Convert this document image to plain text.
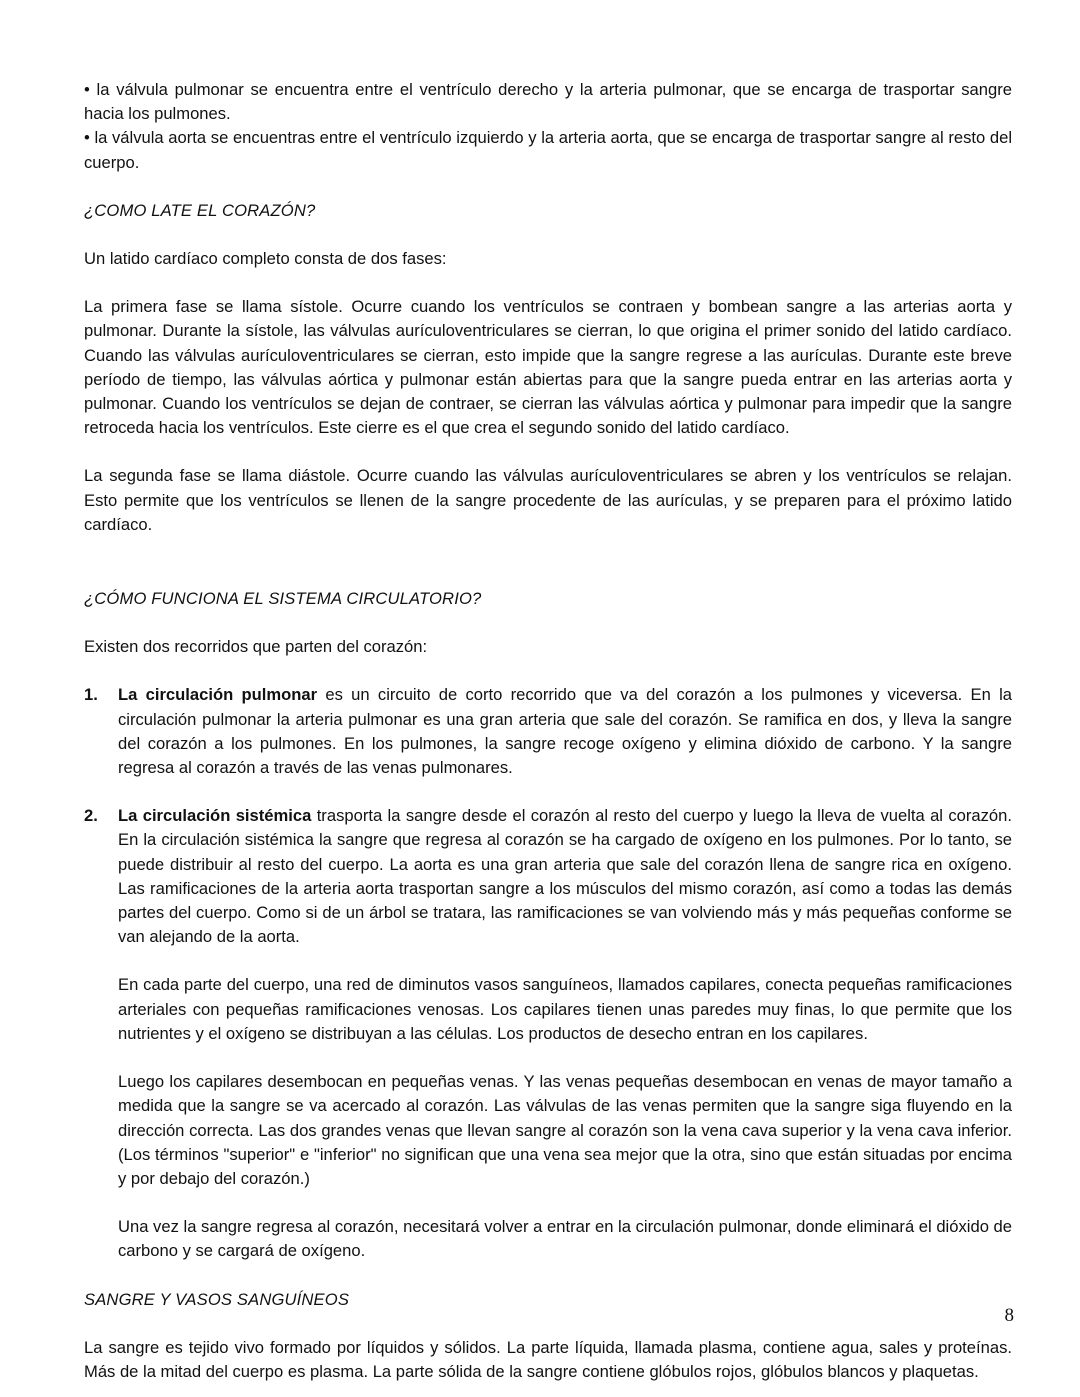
• la válvula pulmonar se encuentra entre el ventrículo derecho y la arteria pulmonar, que se encarga de trasportar sangre hacia los pulmones.

• la válvula aorta se encuentras entre el ventrículo izquierdo y la arteria aorta, que se encarga de trasportar sangre al resto del cuerpo.

¿COMO LATE EL CORAZÓN?

Un latido cardíaco completo consta de dos fases:

La primera fase se llama sístole. Ocurre cuando los ventrículos se contraen y bombean sangre a las arterias aorta y pulmonar. Durante la sístole, las válvulas aurículoventriculares se cierran, lo que origina el primer sonido del latido cardíaco. Cuando las válvulas aurículoventriculares se cierran, esto impide que la sangre regrese a las aurículas. Durante este breve período de tiempo, las válvulas aórtica y pulmonar están abiertas para que la sangre pueda entrar en las arterias aorta y pulmonar. Cuando los ventrículos se dejan de contraer, se cierran las válvulas aórtica y pulmonar para impedir que la sangre retroceda hacia los ventrículos. Este cierre es el que crea el segundo sonido del latido cardíaco.

La segunda fase se llama diástole. Ocurre cuando las válvulas aurículoventriculares se abren y los ventrículos se relajan. Esto permite que los ventrículos se llenen de la sangre procedente de las aurículas, y se preparen para el próximo latido cardíaco.

¿CÓMO FUNCIONA EL SISTEMA CIRCULATORIO?

Existen dos recorridos que parten del corazón:

1. La circulación pulmonar es un circuito de corto recorrido que va del corazón a los pulmones y viceversa. En la circulación pulmonar la arteria pulmonar es una gran arteria que sale del corazón. Se ramifica en dos, y lleva la sangre del corazón a los pulmones. En los pulmones, la sangre recoge oxígeno y elimina dióxido de carbono. Y la sangre regresa al corazón a través de las venas pulmonares.

2. La circulación sistémica trasporta la sangre desde el corazón al resto del cuerpo y luego la lleva de vuelta al corazón. En la circulación sistémica la sangre que regresa al corazón se ha cargado de oxígeno en los pulmones. Por lo tanto, se puede distribuir al resto del cuerpo. La aorta es una gran arteria que sale del corazón llena de sangre rica en oxígeno. Las ramificaciones de la arteria aorta trasportan sangre a los músculos del mismo corazón, así como a todas las demás partes del cuerpo. Como si de un árbol se tratara, las ramificaciones se van volviendo más y más pequeñas conforme se van alejando de la aorta.

En cada parte del cuerpo, una red de diminutos vasos sanguíneos, llamados capilares, conecta pequeñas ramificaciones arteriales con pequeñas ramificaciones venosas. Los capilares tienen unas paredes muy finas, lo que permite que los nutrientes y el oxígeno se distribuyan a las células. Los productos de desecho entran en los capilares.

Luego los capilares desembocan en pequeñas venas. Y las venas pequeñas desembocan en venas de mayor tamaño a medida que la sangre se va acercado al corazón. Las válvulas de las venas permiten que la sangre siga fluyendo en la dirección correcta. Las dos grandes venas que llevan sangre al corazón son la vena cava superior y la vena cava inferior. (Los términos "superior" e "inferior" no significan que una vena sea mejor que la otra, sino que están situadas por encima y por debajo del corazón.)

Una vez la sangre regresa al corazón, necesitará volver a entrar en la circulación pulmonar, donde eliminará el dióxido de carbono y se cargará de oxígeno.

SANGRE Y VASOS SANGUÍNEOS

La sangre es tejido vivo formado por líquidos y sólidos. La parte líquida, llamada plasma, contiene agua, sales y proteínas. Más de la mitad del cuerpo es plasma. La parte sólida de la sangre contiene glóbulos rojos, glóbulos blancos y plaquetas.

8
